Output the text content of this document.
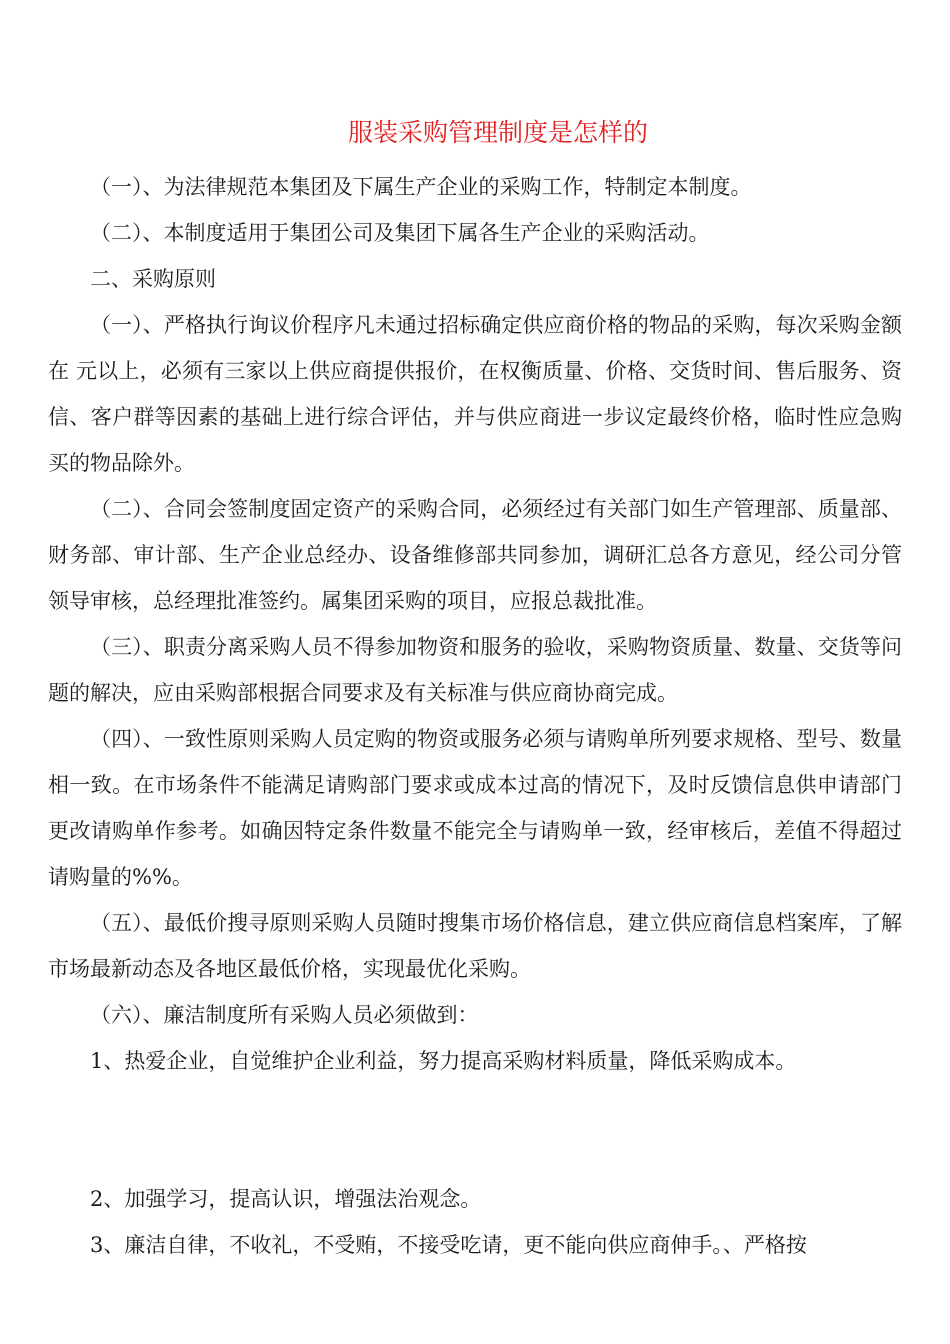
服装采购管理制度是怎样的

（一）、为法律规范本集团及下属生产企业的采购工作，特制定本制度。

（二）、本制度适用于集团公司及集团下属各生产企业的采购活动。

二、采购原则

（一）、严格执行询议价程序凡未通过招标确定供应商价格的物品的采购，每次采购金额在 元以上，必须有三家以上供应商提供报价，在权衡质量、价格、交货时间、售后服务、资信、客户群等因素的基础上进行综合评估，并与供应商进一步议定最终价格，临时性应急购买的物品除外。

（二）、合同会签制度固定资产的采购合同，必须经过有关部门如生产管理部、质量部、财务部、审计部、生产企业总经办、设备维修部共同参加，调研汇总各方意见，经公司分管领导审核，总经理批准签约。属集团采购的项目，应报总裁批准。

（三）、职责分离采购人员不得参加物资和服务的验收，采购物资质量、数量、交货等问题的解决，应由采购部根据合同要求及有关标准与供应商协商完成。

（四）、一致性原则采购人员定购的物资或服务必须与请购单所列要求规格、型号、数量相一致。在市场条件不能满足请购部门要求或成本过高的情况下，及时反馈信息供申请部门更改请购单作参考。如确因特定条件数量不能完全与请购单一致，经审核后，差值不得超过请购量的%%。

（五）、最低价搜寻原则采购人员随时搜集市场价格信息，建立供应商信息档案库，了解市场最新动态及各地区最低价格，实现最优化采购。

（六）、廉洁制度所有采购人员必须做到：

1、热爱企业，自觉维护企业利益，努力提高采购材料质量，降低采购成本。

2、加强学习，提高认识，增强法治观念。

3、廉洁自律，不收礼，不受贿，不接受吃请，更不能向供应商伸手。、严格按
